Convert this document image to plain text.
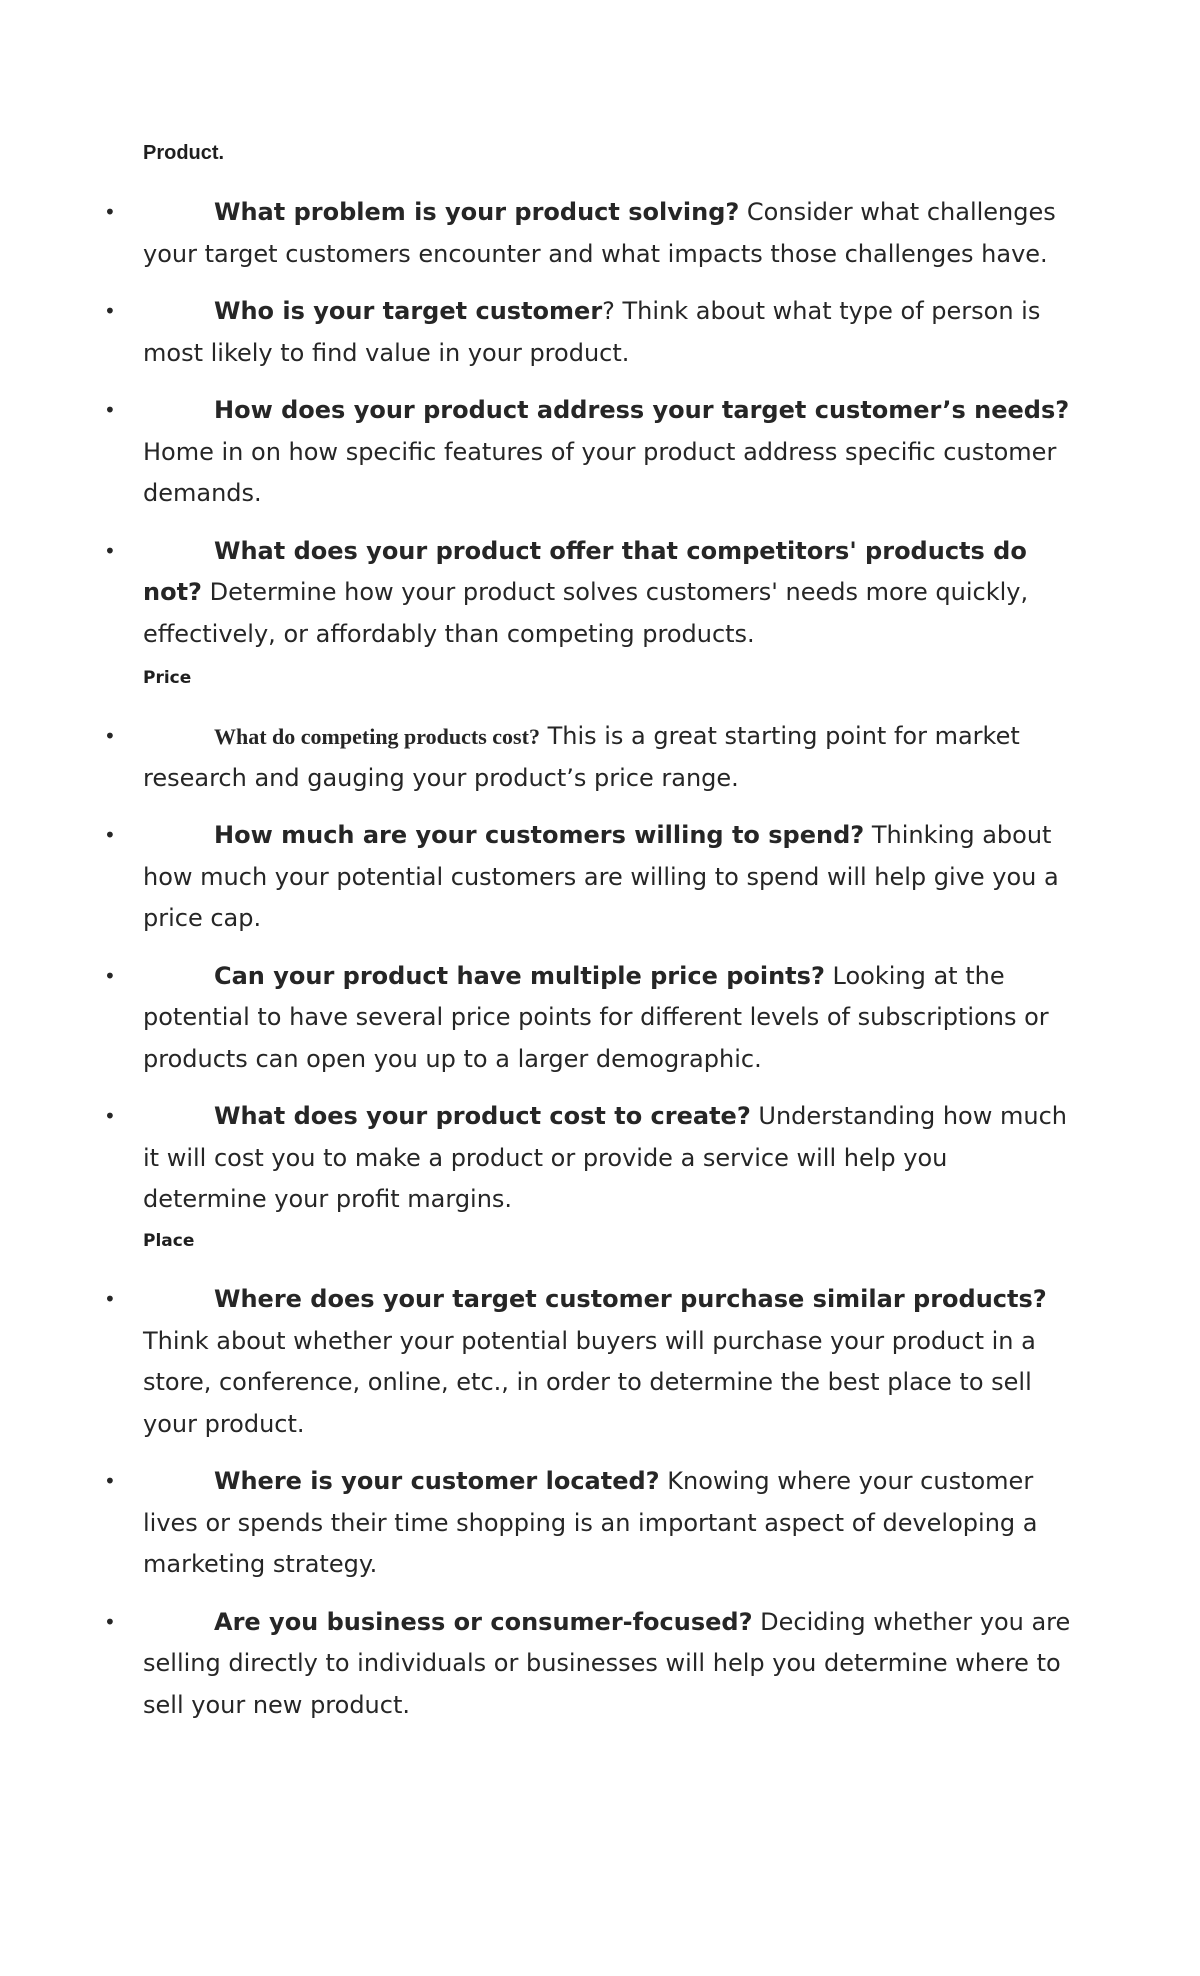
Product.
•	What problem is your product solving? Consider what challenges your target customers encounter and what impacts those challenges have.
•	Who is your target customer? Think about what type of person is most likely to find value in your product.
•	How does your product address your target customer’s needs? Home in on how specific features of your product address specific customer demands.
•	What does your product offer that competitors' products do not? Determine how your product solves customers' needs more quickly, effectively, or affordably than competing products.
Price
•	What do competing products cost? This is a great starting point for market research and gauging your product’s price range.
•	How much are your customers willing to spend? Thinking about how much your potential customers are willing to spend will help give you a price cap.
•	Can your product have multiple price points? Looking at the potential to have several price points for different levels of subscriptions or products can open you up to a larger demographic.
•	What does your product cost to create? Understanding how much it will cost you to make a product or provide a service will help you determine your profit margins.
Place
•	Where does your target customer purchase similar products? Think about whether your potential buyers will purchase your product in a store, conference, online, etc., in order to determine the best place to sell your product.
•	Where is your customer located? Knowing where your customer lives or spends their time shopping is an important aspect of developing a marketing strategy.
•	Are you business or consumer-focused? Deciding whether you are selling directly to individuals or businesses will help you determine where to sell your new product.
